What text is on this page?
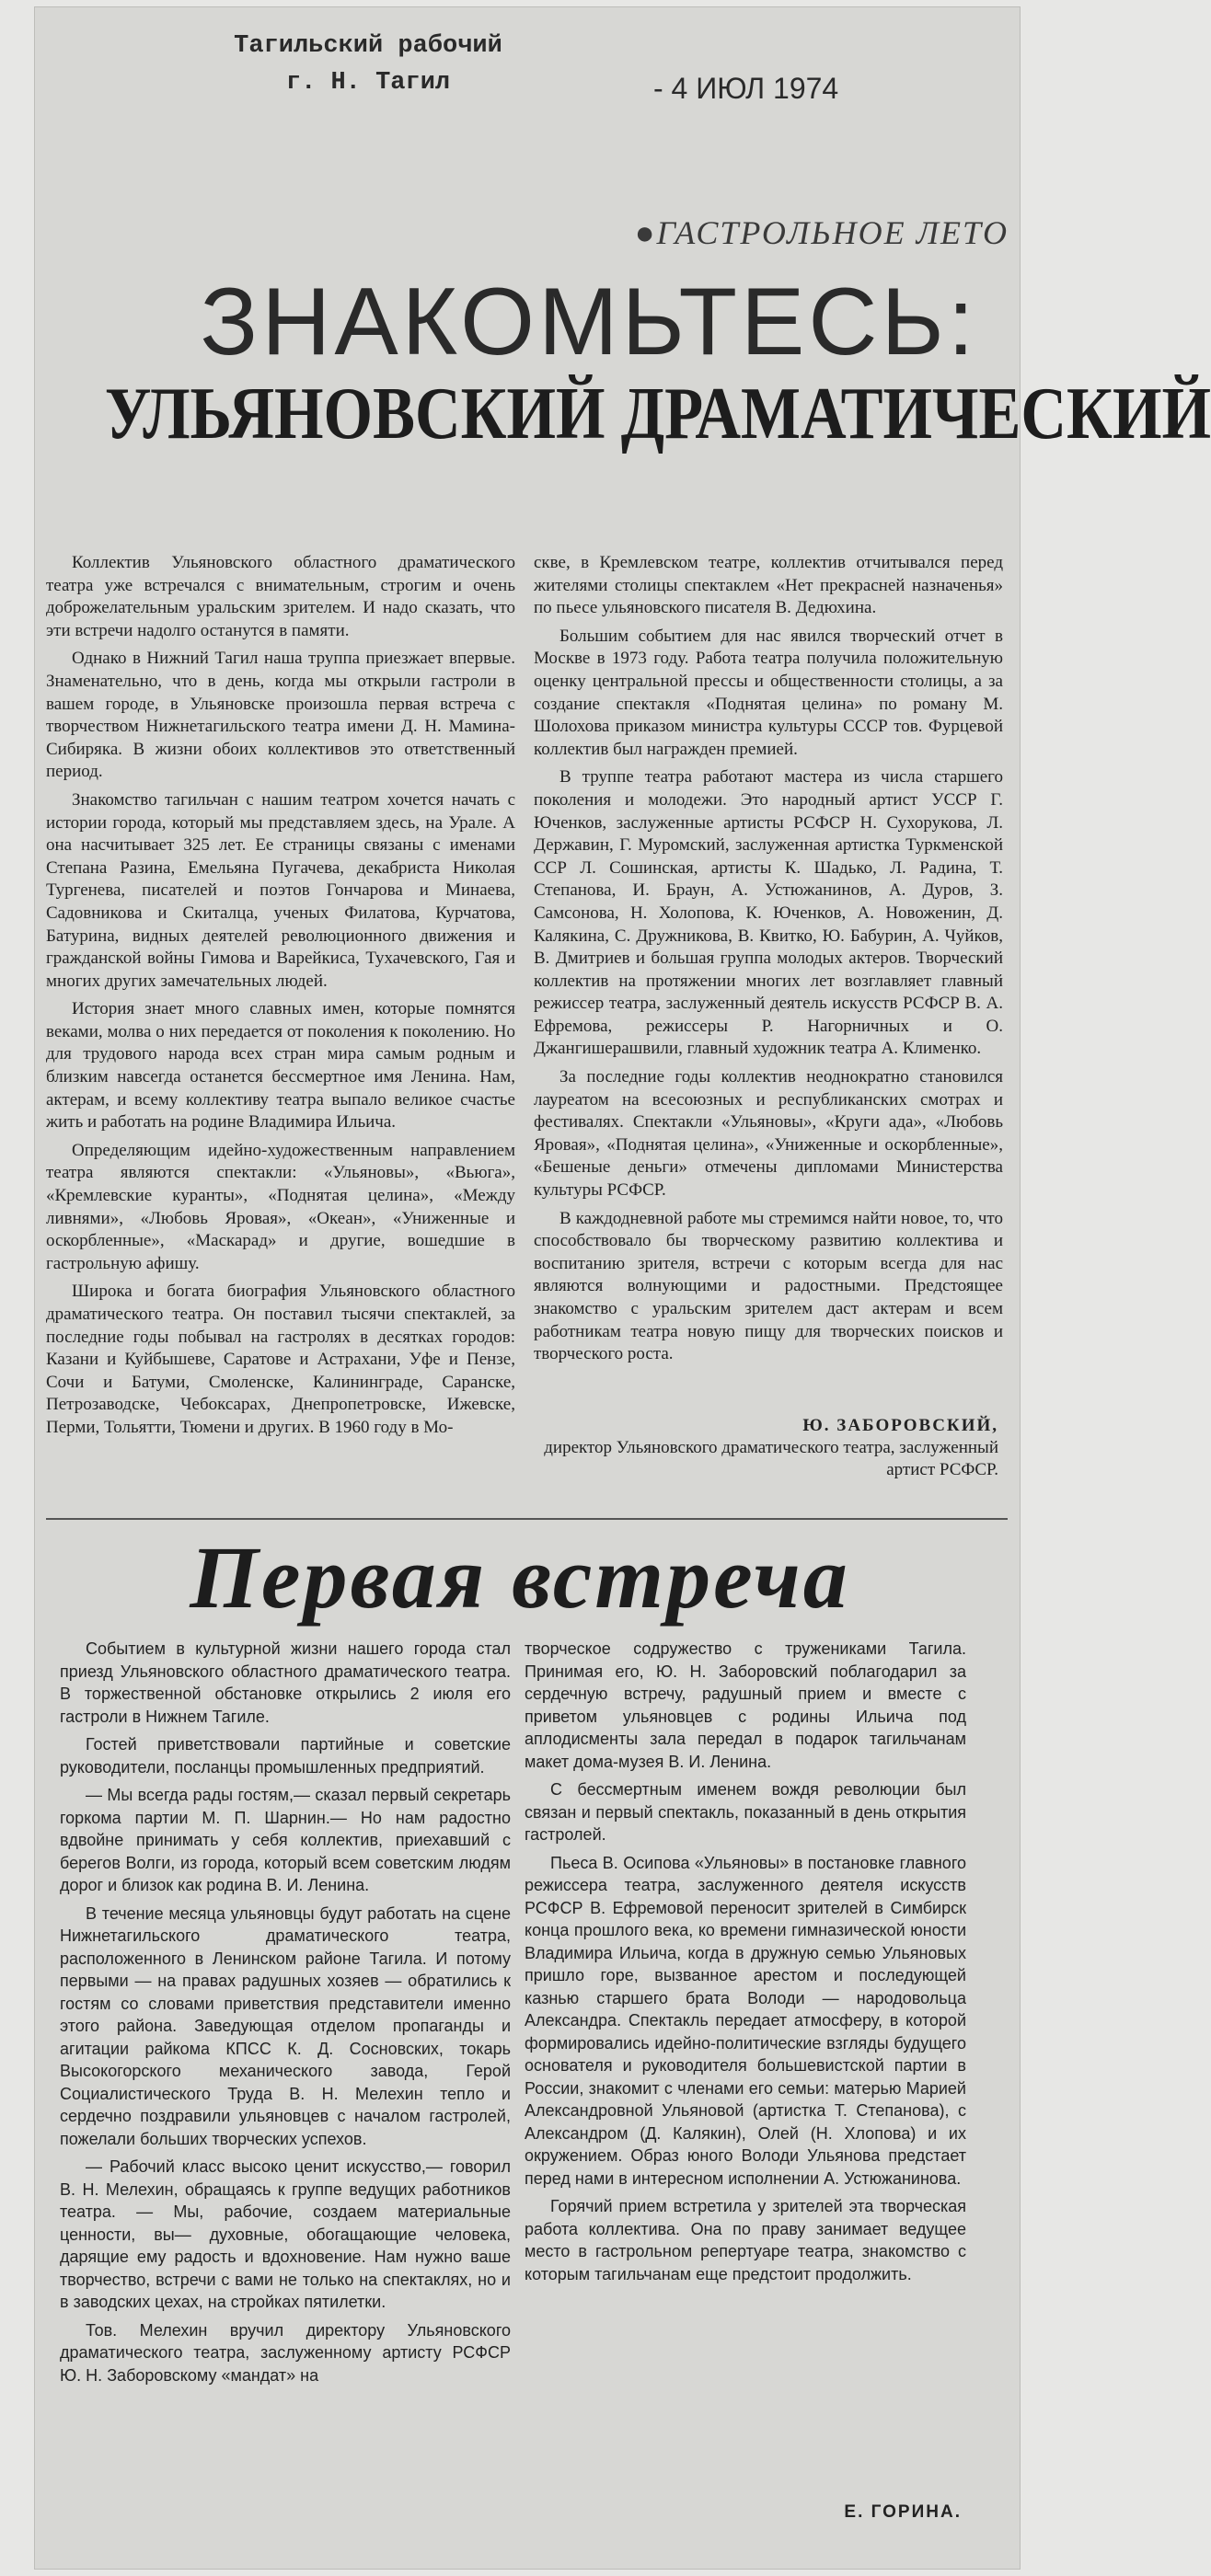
Тагильский рабочий
г. Н. Тагил	- 4 ИЮЛ 1974
●ГАСТРОЛЬНОЕ ЛЕТО
ЗНАКОМЬТЕСЬ:
УЛЬЯНОВСКИЙ ДРАМАТИЧЕСКИЙ

Коллектив Ульяновского областного драматического театра уже встречался с внимательным, строгим и очень доброжелательным уральским зрителем. И надо сказать, что эти встречи надолго останутся в памяти.

Однако в Нижний Тагил наша труппа приезжает впервые. Знаменательно, что в день, когда мы открыли гастроли в вашем городе, в Ульяновске произошла первая встреча с творчеством Нижнетагильского театра имени Д. Н. Мамина-Сибиряка. В жизни обоих коллективов это ответственный период.

Знакомство тагильчан с нашим театром хочется начать с истории города, который мы представляем здесь, на Урале. А она насчитывает 325 лет. Ее страницы связаны с именами Степана Разина, Емельяна Пугачева, декабриста Николая Тургенева, писателей и поэтов Гончарова и Минаева, Садовникова и Скиталца, ученых Филатова, Курчатова, Батурина, видных деятелей революционного движения и гражданской войны Гимова и Варейкиса, Тухачевского, Гая и многих других замечательных людей.

История знает много славных имен, которые помнятся веками, молва о них передается от поколения к поколению. Но для трудового народа всех стран мира самым родным и близким навсегда останется бессмертное имя Ленина. Нам, актерам, и всему коллективу театра выпало великое счастье жить и работать на родине Владимира Ильича.

Определяющим идейно-художественным направлением театра являются спектакли: «Ульяновы», «Вьюга», «Кремлевские куранты», «Поднятая целина», «Между ливнями», «Любовь Яровая», «Океан», «Униженные и оскорбленные», «Маскарад» и другие, вошедшие в гастрольную афишу.

Широка и богата биография Ульяновского областного драматического театра. Он поставил тысячи спектаклей, за последние годы побывал на гастролях в десятках городов: Казани и Куйбышеве, Саратове и Астрахани, Уфе и Пензе, Сочи и Батуми, Смоленске, Калининграде, Саранске, Петрозаводске, Чебоксарах, Днепропетровске, Ижевске, Перми, Тольятти, Тюмени и других. В 1960 году в Мо-

скве, в Кремлевском театре, коллектив отчитывался перед жителями столицы спектаклем «Нет прекрасней назначенья» по пьесе ульяновского писателя В. Дедюхина.

Большим событием для нас явился творческий отчет в Москве в 1973 году. Работа театра получила положительную оценку центральной прессы и общественности столицы, а за создание спектакля «Поднятая целина» по роману М. Шолохова приказом министра культуры СССР тов. Фурцевой коллектив был награжден премией.

В труппе театра работают мастера из числа старшего поколения и молодежи. Это народный артист УССР Г. Юченков, заслуженные артисты РСФСР Н. Сухорукова, Л. Державин, Г. Муромский, заслуженная артистка Туркменской ССР Л. Сошинская, артисты К. Шадько, Л. Радина, Т. Степанова, И. Браун, А. Устюжанинов, А. Дуров, З. Самсонова, Н. Холопова, К. Юченков, А. Новоженин, Д. Калякина, С. Дружникова, В. Квитко, Ю. Бабурин, А. Чуйков, В. Дмитриев и большая группа молодых актеров. Творческий коллектив на протяжении многих лет возглавляет главный режиссер театра, заслуженный деятель искусств РСФСР В. А. Ефремова, режиссеры Р. Нагорничных и О. Джангишерашвили, главный художник театра А. Клименко.

За последние годы коллектив неоднократно становился лауреатом на всесоюзных и республиканских смотрах и фестивалях. Спектакли «Ульяновы», «Круги ада», «Любовь Яровая», «Поднятая целина», «Униженные и оскорбленные», «Бешеные деньги» отмечены дипломами Министерства культуры РСФСР.

В каждодневной работе мы стремимся найти новое, то, что способствовало бы творческому развитию коллектива и воспитанию зрителя, встречи с которым всегда для нас являются волнующими и радостными. Предстоящее знакомство с уральским зрителем даст актерам и всем работникам театра новую пищу для творческих поисков и творческого роста.

Ю. ЗАБОРОВСКИЙ,
директор Ульяновского драматического театра, заслуженный артист РСФСР.
Первая встреча

Событием в культурной жизни нашего города стал приезд Ульяновского областного драматического театра. В торжественной обстановке открылись 2 июля его гастроли в Нижнем Тагиле.

Гостей приветствовали партийные и советские руководители, посланцы промышленных предприятий.

— Мы всегда рады гостям,— сказал первый секретарь горкома партии М. П. Шарнин.— Но нам радостно вдвойне принимать у себя коллектив, приехавший с берегов Волги, из города, который всем советским людям дорог и близок как родина В. И. Ленина.

В течение месяца ульяновцы будут работать на сцене Нижнетагильского драматического театра, расположенного в Ленинском районе Тагила. И потому первыми — на правах радушных хозяев — обратились к гостям со словами приветствия представители именно этого района. Заведующая отделом пропаганды и агитации райкома КПСС К. Д. Сосновских, токарь Высокогорского механического завода, Герой Социалистического Труда В. Н. Мелехин тепло и сердечно поздравили ульяновцев с началом гастролей, пожелали больших творческих успехов.

— Рабочий класс высоко ценит искусство,— говорил В. Н. Мелехин, обращаясь к группе ведущих работников театра. — Мы, рабочие, создаем материальные ценности, вы— духовные, обогащающие человека, дарящие ему радость и вдохновение. Нам нужно ваше творчество, встречи с вами не только на спектаклях, но и в заводских цехах, на стройках пятилетки.

Тов. Мелехин вручил директору Ульяновского драматического театра, заслуженному артисту РСФСР Ю. Н. Заборовскому «мандат» на

творческое содружество с тружениками Тагила. Принимая его, Ю. Н. Заборовский поблагодарил за сердечную встречу, радушный прием и вместе с приветом ульяновцев с родины Ильича под аплодисменты зала передал в подарок тагильчанам макет дома-музея В. И. Ленина.

С бессмертным именем вождя революции был связан и первый спектакль, показанный в день открытия гастролей.

Пьеса В. Осипова «Ульяновы» в постановке главного режиссера театра, заслуженного деятеля искусств РСФСР В. Ефремовой переносит зрителей в Симбирск конца прошлого века, ко времени гимназической юности Владимира Ильича, когда в дружную семью Ульяновых пришло горе, вызванное арестом и последующей казнью старшего брата Володи — народовольца Александра. Спектакль передает атмосферу, в которой формировались идейно-политические взгляды будущего основателя и руководителя большевистской партии в России, знакомит с членами его семьи: матерью Марией Александровной Ульяновой (артистка Т. Степанова), с Александром (Д. Калякин), Олей (Н. Хлопова) и их окружением. Образ юного Володи Ульянова предстает перед нами в интересном исполнении А. Устюжанинова.

Горячий прием встретила у зрителей эта творческая работа коллектива. Она по праву занимает ведущее место в гастрольном репертуаре театра, знакомство с которым тагильчанам еще предстоит продолжить.

Е. ГОРИНА.
